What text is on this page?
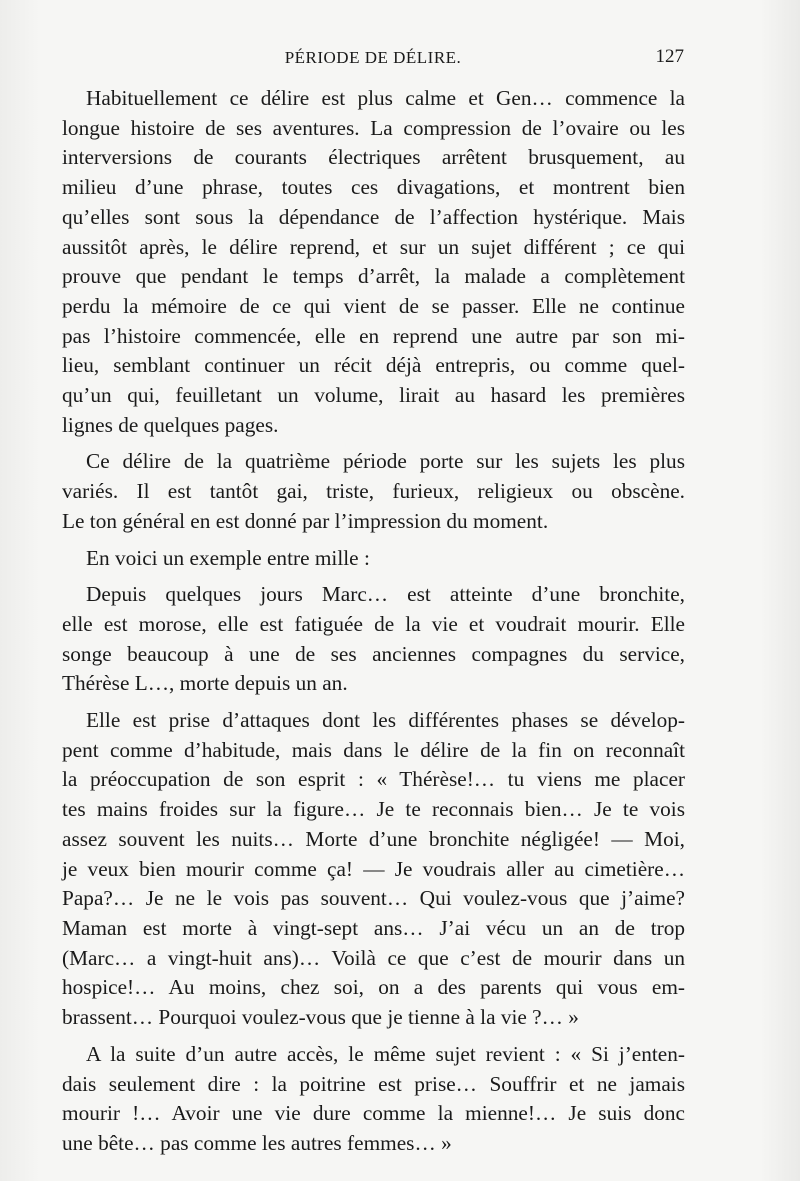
PÉRIODE DE DÉLIRE.	127
Habituellement ce délire est plus calme et Gen… commence la
longue histoire de ses aventures. La compression de l’ovaire ou les
interversions de courants électriques arrêtent brusquement, au
milieu d’une phrase, toutes ces divagations, et montrent bien
qu’elles sont sous la dépendance de l’affection hystérique. Mais
aussitôt après, le délire reprend, et sur un sujet différent ; ce qui
prouve que pendant le temps d’arrêt, la malade a complètement
perdu la mémoire de ce qui vient de se passer. Elle ne continue
pas l’histoire commencée, elle en reprend une autre par son mi-
lieu, semblant continuer un récit déjà entrepris, ou comme quel-
qu’un qui, feuilletant un volume, lirait au hasard les premières
lignes de quelques pages.
Ce délire de la quatrième période porte sur les sujets les plus
variés. Il est tantôt gai, triste, furieux, religieux ou obscène.
Le ton général en est donné par l’impression du moment.
En voici un exemple entre mille :
Depuis quelques jours Marc… est atteinte d’une bronchite,
elle est morose, elle est fatiguée de la vie et voudrait mourir. Elle
songe beaucoup à une de ses anciennes compagnes du service,
Thérèse L…, morte depuis un an.
Elle est prise d’attaques dont les différentes phases se dévelop-
pent comme d’habitude, mais dans le délire de la fin on reconnaît
la préoccupation de son esprit : « Thérèse!… tu viens me placer
tes mains froides sur la figure… Je te reconnais bien… Je te vois
assez souvent les nuits… Morte d’une bronchite négligée! — Moi,
je veux bien mourir comme ça! — Je voudrais aller au cimetière…
Papa?… Je ne le vois pas souvent… Qui voulez-vous que j’aime?
Maman est morte à vingt-sept ans… J’ai vécu un an de trop
(Marc… a vingt-huit ans)… Voilà ce que c’est de mourir dans un
hospice!… Au moins, chez soi, on a des parents qui vous em-
brassent… Pourquoi voulez-vous que je tienne à la vie ?… »
A la suite d’un autre accès, le même sujet revient : « Si j’enten-
dais seulement dire : la poitrine est prise… Souffrir et ne jamais
mourir !… Avoir une vie dure comme la mienne!… Je suis donc
une bête… pas comme les autres femmes… »
